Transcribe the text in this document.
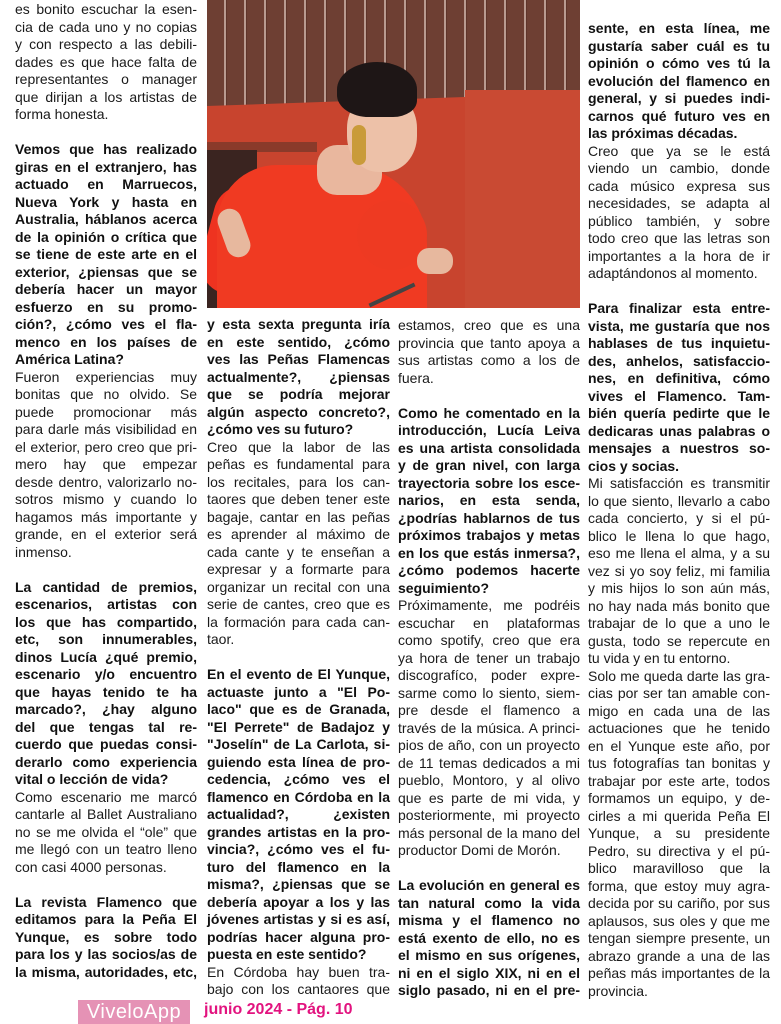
es bonito escuchar la esen-
cia de cada uno y no copias
y con respecto a las debili-
dades es que hace falta de
representantes o manager
que dirijan a los artistas de
forma honesta.
Vemos que has realizado
giras en el extranjero, has
actuado en Marruecos,
Nueva York y hasta en
Australia, háblanos acerca
de la opinión o crítica que
se tiene de este arte en el
exterior, ¿piensas que se
debería hacer un mayor
esfuerzo en su promo-
ción?, ¿cómo ves el fla-
menco en los países de
América Latina?
Fueron experiencias muy
bonitas que no olvido. Se
puede promocionar más
para darle más visibilidad en
el exterior, pero creo que pri-
mero hay que empezar
desde dentro, valorizarlo no-
sotros mismo y cuando lo
hagamos más importante y
grande, en el exterior será
inmenso.
La cantidad de premios,
escenarios, artistas con
los que has compartido,
etc, son innumerables,
dinos Lucía ¿qué premio,
escenario y/o encuentro
que hayas tenido te ha
marcado?, ¿hay alguno
del que tengas tal re-
cuerdo que puedas consi-
derarlo como experiencia
vital o lección de vida?
Como escenario me marcó
cantarle al Ballet Australiano
no se me olvida el “ole” que
me llegó con un teatro lleno
con casi 4000 personas.
La revista Flamenco que
editamos para la Peña El
Yunque, es sobre todo
para los y las socios/as de
la misma, autoridades, etc,
y esta sexta pregunta iría
en este sentido, ¿cómo
ves las Peñas Flamencas
actualmente?, ¿piensas
que se podría mejorar
algún aspecto concreto?,
¿cómo ves su futuro?
Creo que la labor de las
peñas es fundamental para
los recitales, para los can-
taores que deben tener este
bagaje, cantar en las peñas
es aprender al máximo de
cada cante y te enseñan a
expresar y a formarte para
organizar un recital con una
serie de cantes, creo que es
la formación para cada can-
taor.
En el evento de El Yunque,
actuaste junto a "El Po-
laco" que es de Granada,
"El Perrete" de Badajoz y
"Joselín" de La Carlota, si-
guiendo esta línea de pro-
cedencia, ¿cómo ves el
flamenco en Córdoba en la
actualidad?, ¿existen
grandes artistas en la pro-
vincia?, ¿cómo ves el fu-
turo del flamenco en la
misma?, ¿piensas que se
debería apoyar a los y las
jóvenes artistas y si es así,
podrías hacer alguna pro-
puesta en este sentido?
En Córdoba hay buen tra-
bajo con los cantaores que
estamos, creo que es una
provincia que tanto apoya a
sus artistas como a los de
fuera.
Como he comentado en la
introducción, Lucía Leiva
es una artista consolidada
y de gran nivel, con larga
trayectoria sobre los esce-
narios, en esta senda,
¿podrías hablarnos de tus
próximos trabajos y metas
en los que estás inmersa?,
¿cómo podemos hacerte
seguimiento?
Próximamente, me podréis
escuchar en plataformas
como spotify, creo que era
ya hora de tener un trabajo
discografíco, poder expre-
sarme como lo siento, siem-
pre desde el flamenco a
través de la música. A princi-
pios de año, con un proyecto
de 11 temas dedicados a mi
pueblo, Montoro, y al olivo
que es parte de mi vida, y
posteriormente, mi proyecto
más personal de la mano del
productor Domi de Morón.
La evolución en general es
tan natural como la vida
misma y el flamenco no
está exento de ello, no es
el mismo en sus orígenes,
ni en el siglo XIX, ni en el
siglo pasado, ni en el pre-
sente, en esta línea, me
gustaría saber cuál es tu
opinión o cómo ves tú la
evolución del flamenco en
general, y si puedes indi-
carnos qué futuro ves en
las próximas décadas.
Creo que ya se le está
viendo un cambio, donde
cada músico expresa sus
necesidades, se adapta al
público también, y sobre
todo creo que las letras son
importantes a la hora de ir
adaptándonos al momento.
Para finalizar esta entre-
vista, me gustaría que nos
hablases de tus inquietu-
des, anhelos, satisfaccio-
nes, en definitiva, cómo
vives el Flamenco. Tam-
bién quería pedirte que le
dedicaras unas palabras o
mensajes a nuestros so-
cios y socias.
Mi satisfacción es transmitir
lo que siento, llevarlo a cabo
cada concierto, y si el pú-
blico le llena lo que hago,
eso me llena el alma, y a su
vez si yo soy feliz, mi familia
y mis hijos lo son aún más,
no hay nada más bonito que
trabajar de lo que a uno le
gusta, todo se repercute en
tu vida y en tu entorno.
Solo me queda darte las gra-
cias por ser tan amable con-
migo en cada una de las
actuaciones que he tenido
en el Yunque este año, por
tus fotografías tan bonitas y
trabajar por este arte, todos
formamos un equipo, y de-
cirles a mi querida Peña El
Yunque, a su presidente
Pedro, su directiva y el pú-
blico maravilloso que la
forma, que estoy muy agra-
decida por su cariño, por sus
aplausos, sus oles y que me
tengan siempre presente, un
abrazo grande a una de las
peñas más importantes de la
provincia.
ViveloApp	junio 2024 - Pág. 10
